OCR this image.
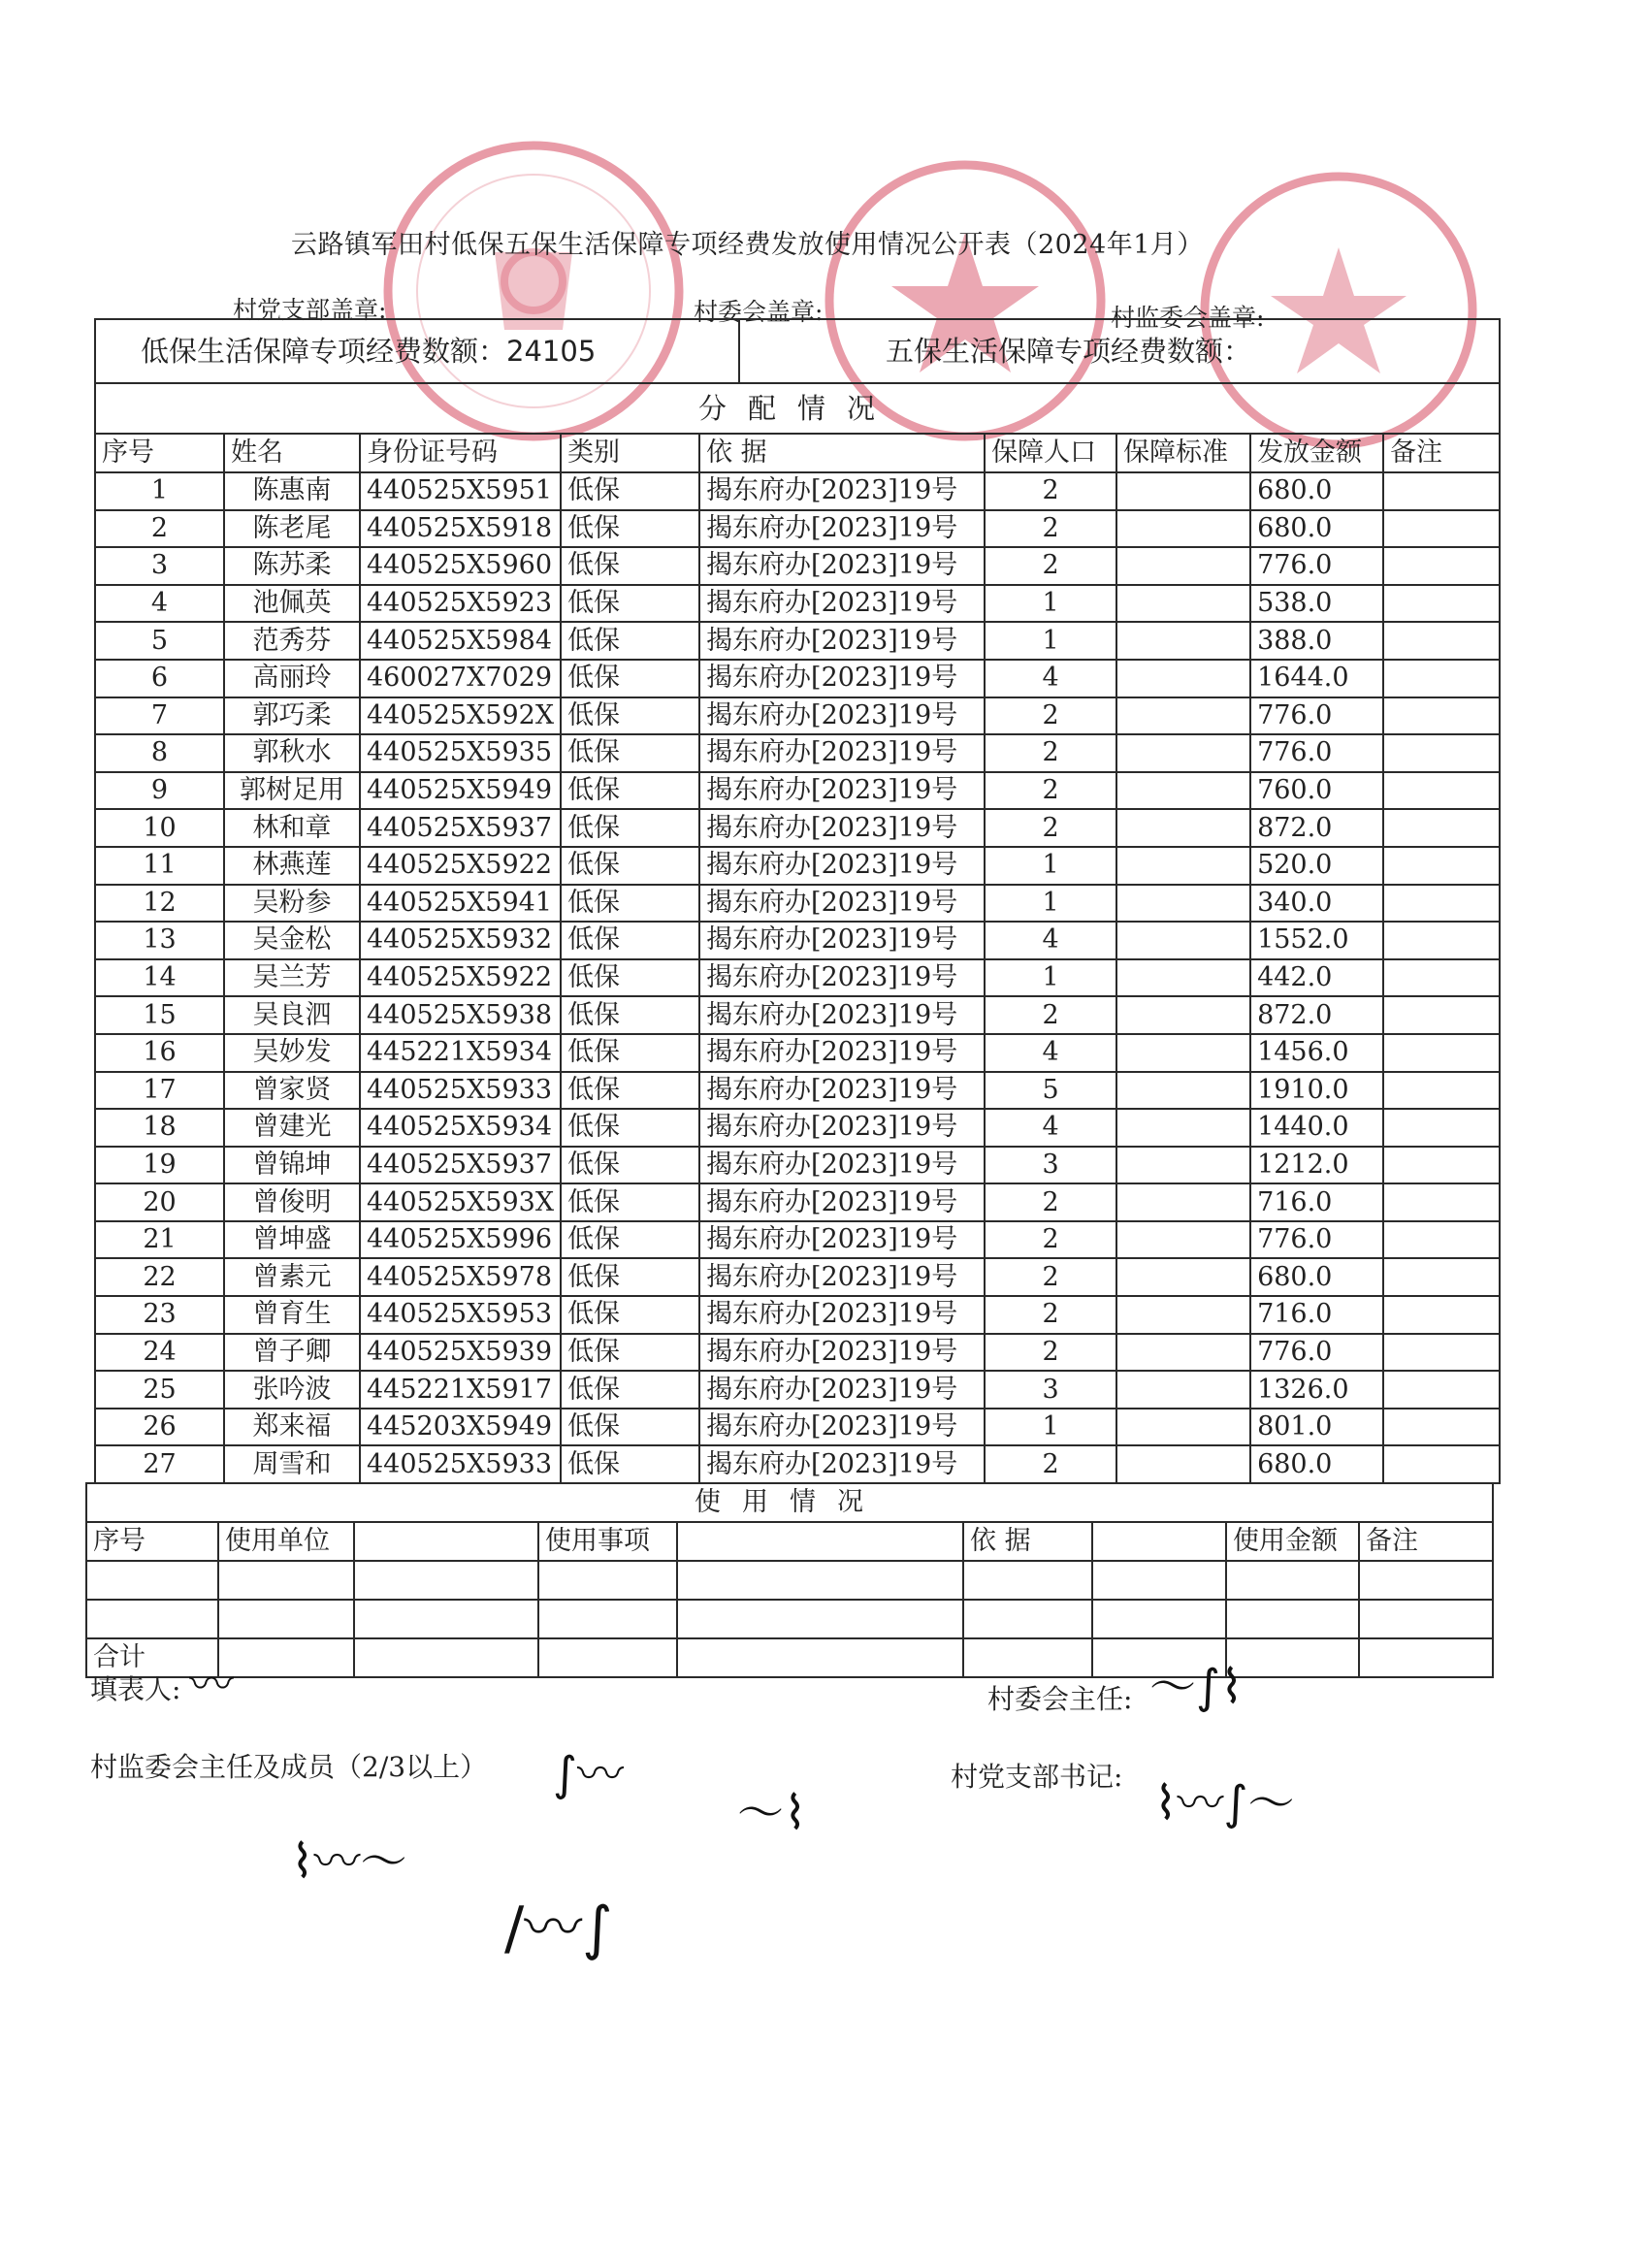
云路镇军田村低保五保生活保障专项经费发放使用情况公开表（2024年1月）
村党支部盖章:	村委会盖章:	村监委会盖章:
低保生活保障专项经费数额：24105	五保生活保障专项经费数额：
分配情况								
序号	姓名	身份证号码	类别	依 据	保障人口	保障标准	发放金额	备注
1	陈惠南	440525X5951	低保	揭东府办[2023]19号	2		680.0	
2	陈老尾	440525X5918	低保	揭东府办[2023]19号	2		680.0	
3	陈苏柔	440525X5960	低保	揭东府办[2023]19号	2		776.0	
4	池佩英	440525X5923	低保	揭东府办[2023]19号	1		538.0	
5	范秀芬	440525X5984	低保	揭东府办[2023]19号	1		388.0	
6	高丽玲	460027X7029	低保	揭东府办[2023]19号	4		1644.0	
7	郭巧柔	440525X592X	低保	揭东府办[2023]19号	2		776.0	
8	郭秋水	440525X5935	低保	揭东府办[2023]19号	2		776.0	
9	郭树足用	440525X5949	低保	揭东府办[2023]19号	2		760.0	
10	林和章	440525X5937	低保	揭东府办[2023]19号	2		872.0	
11	林燕莲	440525X5922	低保	揭东府办[2023]19号	1		520.0	
12	吴粉参	440525X5941	低保	揭东府办[2023]19号	1		340.0	
13	吴金松	440525X5932	低保	揭东府办[2023]19号	4		1552.0	
14	吴兰芳	440525X5922	低保	揭东府办[2023]19号	1		442.0	
15	吴良泗	440525X5938	低保	揭东府办[2023]19号	2		872.0	
16	吴妙发	445221X5934	低保	揭东府办[2023]19号	4		1456.0	
17	曾家贤	440525X5933	低保	揭东府办[2023]19号	5		1910.0	
18	曾建光	440525X5934	低保	揭东府办[2023]19号	4		1440.0	
19	曾锦坤	440525X5937	低保	揭东府办[2023]19号	3		1212.0	
20	曾俊明	440525X593X	低保	揭东府办[2023]19号	2		716.0	
21	曾坤盛	440525X5996	低保	揭东府办[2023]19号	2		776.0	
22	曾素元	440525X5978	低保	揭东府办[2023]19号	2		680.0	
23	曾育生	440525X5953	低保	揭东府办[2023]19号	2		716.0	
24	曾子卿	440525X5939	低保	揭东府办[2023]19号	2		776.0	
25	张吟波	445221X5917	低保	揭东府办[2023]19号	3		1326.0	
26	郑来福	445203X5949	低保	揭东府办[2023]19号	1		801.0	
27	周雪和	440525X5933	低保	揭东府办[2023]19号	2		680.0	
使用情况								
序号	使用单位		使用事项		依 据		使用金额	备注

合计								
填表人: 〰	村委会主任: 〜∫⌇
村监委会主任及成员（2/3以上）	村党支部书记: ⌇〰∫〜
∫〰
〜⌇
⌇〰〜
∕〰∫
